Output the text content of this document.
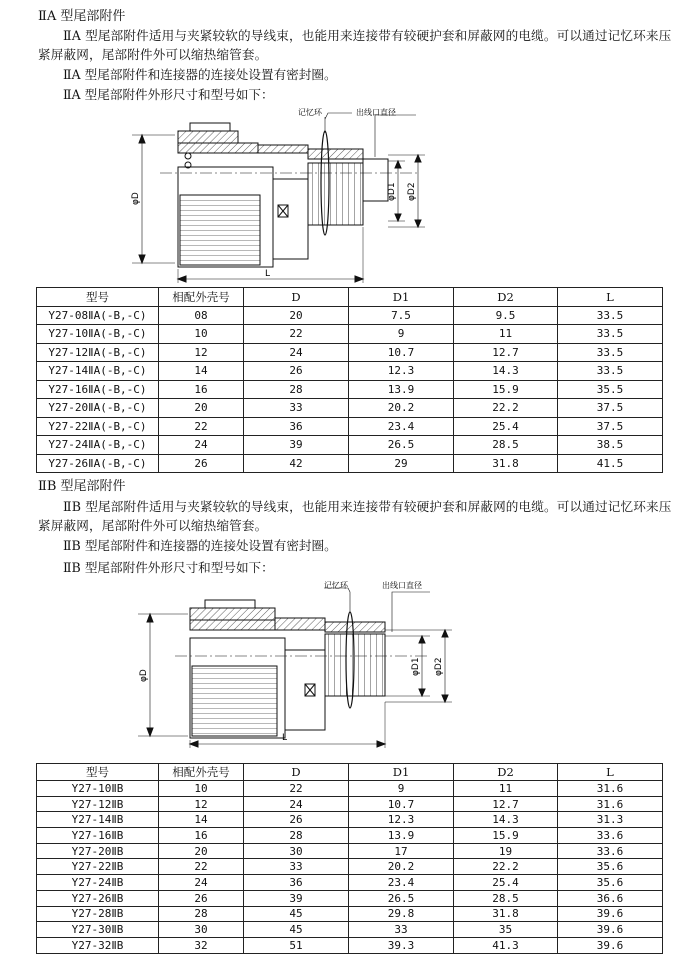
ⅡA 型尾部附件

ⅡA 型尾部附件适用与夹紧较软的导线束，也能用来连接带有较硬护套和屏蔽网的电缆。可以通过记忆环来压紧屏蔽网，尾部附件外可以缩热缩管套。

ⅡA 型尾部附件和连接器的连接处设置有密封圈。
ⅡA 型尾部附件外形尺寸和型号如下：
记忆环	出线口直径
φD	φD1 φD2
L
型号	相配外壳号	D	D1	D2	L
Y27-08ⅡA(-B,-C)	08	20	7.5	9.5	33.5
Y27-10ⅡA(-B,-C)	10	22	9	11	33.5
Y27-12ⅡA(-B,-C)	12	24	10.7	12.7	33.5
Y27-14ⅡA(-B,-C)	14	26	12.3	14.3	33.5
Y27-16ⅡA(-B,-C)	16	28	13.9	15.9	35.5
Y27-20ⅡA(-B,-C)	20	33	20.2	22.2	37.5
Y27-22ⅡA(-B,-C)	22	36	23.4	25.4	37.5
Y27-24ⅡA(-B,-C)	24	39	26.5	28.5	38.5
Y27-26ⅡA(-B,-C)	26	42	29	31.8	41.5
ⅡB 型尾部附件

ⅡB 型尾部附件适用与夹紧较软的导线束，也能用来连接带有较硬护套和屏蔽网的电缆。可以通过记忆环来压紧屏蔽网，尾部附件外可以缩热缩管套。

ⅡB 型尾部附件和连接器的连接处设置有密封圈。
ⅡB 型尾部附件外形尺寸和型号如下：
记忆环	出线口直径
φD	φD1 φD2
L
型号	相配外壳号	D	D1	D2	L
Y27-10ⅡB	10	22	9	11	31.6
Y27-12ⅡB	12	24	10.7	12.7	31.6
Y27-14ⅡB	14	26	12.3	14.3	31.3
Y27-16ⅡB	16	28	13.9	15.9	33.6
Y27-20ⅡB	20	30	17	19	33.6
Y27-22ⅡB	22	33	20.2	22.2	35.6
Y27-24ⅡB	24	36	23.4	25.4	35.6
Y27-26ⅡB	26	39	26.5	28.5	36.6
Y27-28ⅡB	28	45	29.8	31.8	39.6
Y27-30ⅡB	30	45	33	35	39.6
Y27-32ⅡB	32	51	39.3	41.3	39.6
